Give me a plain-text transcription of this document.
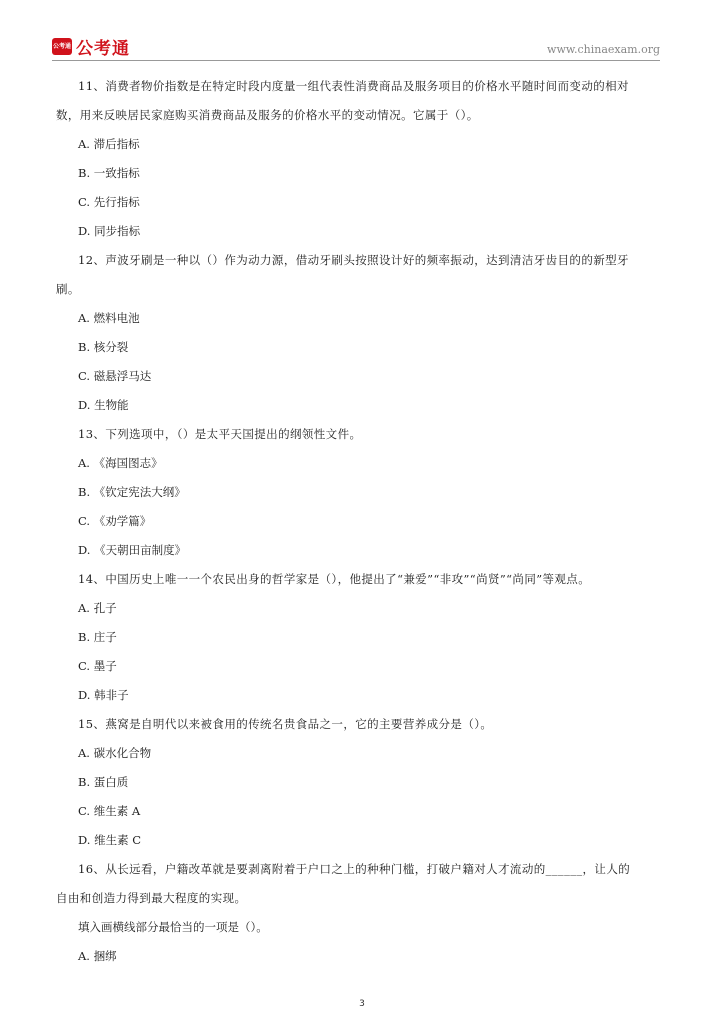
公考通 公考通	www.chinaexam.org

11、消费者物价指数是在特定时段内度量一组代表性消费商品及服务项目的价格水平随时间而变动的相对

数，用来反映居民家庭购买消费商品及服务的价格水平的变动情况。它属于（）。

A. 滞后指标

B. 一致指标

C. 先行指标

D. 同步指标

12、声波牙刷是一种以（）作为动力源，借动牙刷头按照设计好的频率振动，达到清洁牙齿目的的新型牙

刷。

A. 燃料电池

B. 核分裂

C. 磁悬浮马达

D. 生物能

13、下列选项中，（）是太平天国提出的纲领性文件。

A. 《海国图志》

B. 《钦定宪法大纲》

C. 《劝学篇》

D. 《天朝田亩制度》

14、中国历史上唯一一个农民出身的哲学家是（），他提出了“兼爱”“非攻”“尚贤”“尚同”等观点。

A. 孔子

B. 庄子

C. 墨子

D. 韩非子

15、燕窝是自明代以来被食用的传统名贵食品之一，它的主要营养成分是（）。

A. 碳水化合物

B. 蛋白质

C. 维生素 A

D. 维生素 C

16、从长远看，户籍改革就是要剥离附着于户口之上的种种门槛，打破户籍对人才流动的______，让人的

自由和创造力得到最大程度的实现。

填入画横线部分最恰当的一项是（）。

A. 捆绑

3
